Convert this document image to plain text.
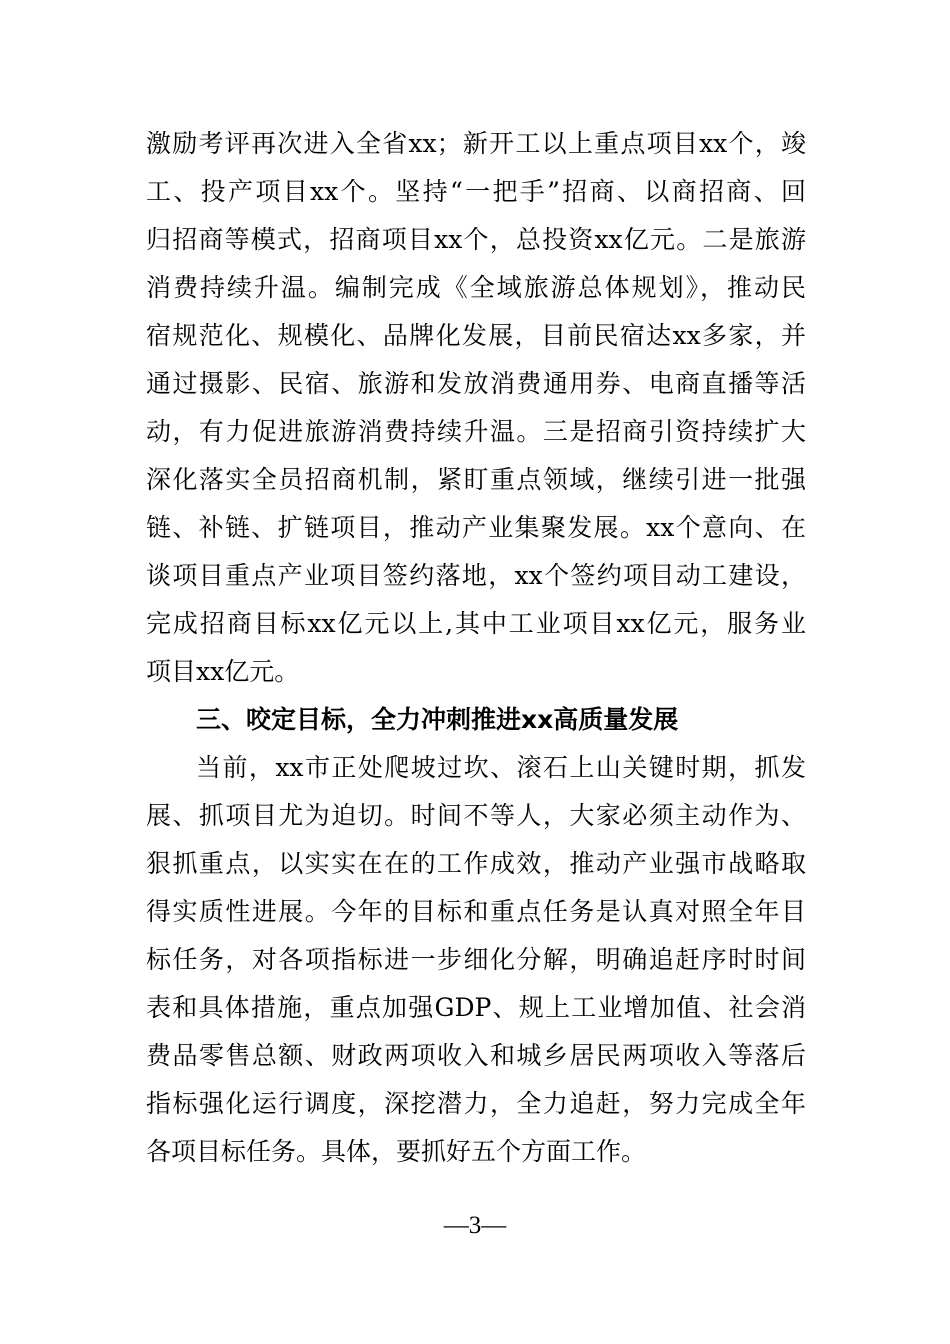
激励考评再次进入全省xx；新开工以上重点项目xx个，竣
工、投产项目xx个。坚持“一把手”招商、以商招商、回
归招商等模式，招商项目xx个，总投资xx亿元。二是旅游
消费持续升温。编制完成《全域旅游总体规划》，推动民
宿规范化、规模化、品牌化发展，目前民宿达xx多家，并
通过摄影、民宿、旅游和发放消费通用券、电商直播等活
动，有力促进旅游消费持续升温。三是招商引资持续扩大
深化落实全员招商机制，紧盯重点领域，继续引进一批强
链、补链、扩链项目，推动产业集聚发展。xx个意向、在
谈项目重点产业项目签约落地，xx个签约项目动工建设，
完成招商目标xx亿元以上,其中工业项目xx亿元，服务业
项目xx亿元。
三、咬定目标，全力冲刺推进xx高质量发展
当前，xx市正处爬坡过坎、滚石上山关键时期，抓发
展、抓项目尤为迫切。时间不等人，大家必须主动作为、
狠抓重点，以实实在在的工作成效，推动产业强市战略取
得实质性进展。今年的目标和重点任务是认真对照全年目
标任务，对各项指标进一步细化分解，明确追赶序时时间
表和具体措施，重点加强GDP、规上工业增加值、社会消
费品零售总额、财政两项收入和城乡居民两项收入等落后
指标强化运行调度，深挖潜力，全力追赶，努力完成全年
各项目标任务。具体，要抓好五个方面工作。
—3—
